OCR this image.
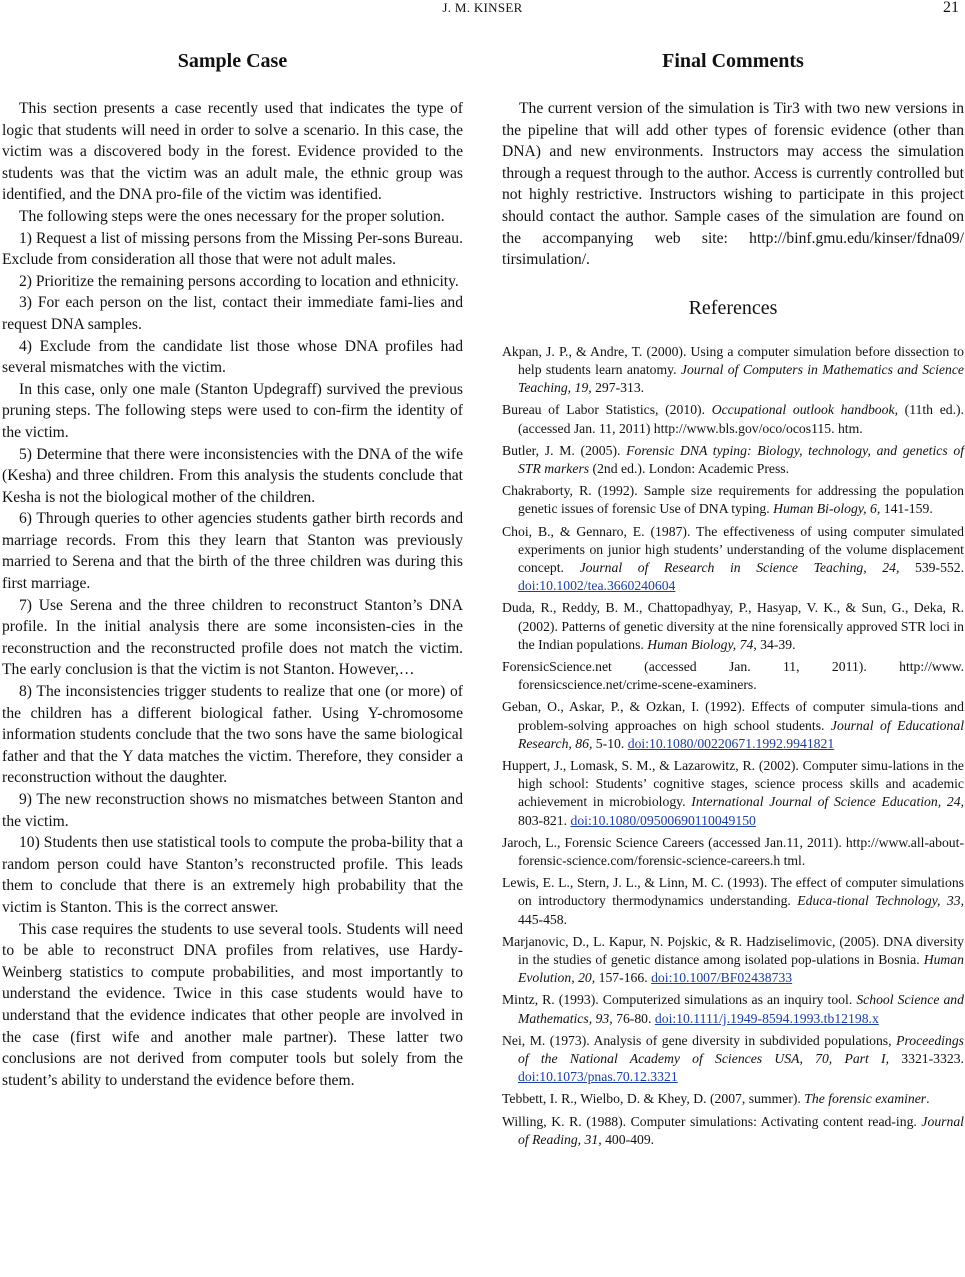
J. M. KINSER	21
Sample Case

This section presents a case recently used that indicates the type of logic that students will need in order to solve a scenario. In this case, the victim was a discovered body in the forest. Evidence provided to the students was that the victim was an adult male, the ethnic group was identified, and the DNA pro-file of the victim was identified.

The following steps were the ones necessary for the proper solution.

1) Request a list of missing persons from the Missing Per-sons Bureau. Exclude from consideration all those that were not adult males.

2) Prioritize the remaining persons according to location and ethnicity.

3) For each person on the list, contact their immediate fami-lies and request DNA samples.

4) Exclude from the candidate list those whose DNA profiles had several mismatches with the victim.

In this case, only one male (Stanton Updegraff) survived the previous pruning steps. The following steps were used to con-firm the identity of the victim.

5) Determine that there were inconsistencies with the DNA of the wife (Kesha) and three children. From this analysis the students conclude that Kesha is not the biological mother of the children.

6) Through queries to other agencies students gather birth records and marriage records. From this they learn that Stanton was previously married to Serena and that the birth of the three children was during this first marriage.

7) Use Serena and the three children to reconstruct Stanton’s DNA profile. In the initial analysis there are some inconsisten-cies in the reconstruction and the reconstructed profile does not match the victim. The early conclusion is that the victim is not Stanton. However,…

8) The inconsistencies trigger students to realize that one (or more) of the children has a different biological father. Using Y-chromosome information students conclude that the two sons have the same biological father and that the Y data matches the victim. Therefore, they consider a reconstruction without the daughter.

9) The new reconstruction shows no mismatches between Stanton and the victim.

10) Students then use statistical tools to compute the proba-bility that a random person could have Stanton’s reconstructed profile. This leads them to conclude that there is an extremely high probability that the victim is Stanton. This is the correct answer.

This case requires the students to use several tools. Students will need to be able to reconstruct DNA profiles from relatives, use Hardy-Weinberg statistics to compute probabilities, and most importantly to understand the evidence. Twice in this case students would have to understand that the evidence indicates that other people are involved in the case (first wife and another male partner). These latter two conclusions are not derived from computer tools but solely from the student’s ability to understand the evidence before them.

Final Comments

The current version of the simulation is Tir3 with two new versions in the pipeline that will add other types of forensic evidence (other than DNA) and new environments. Instructors may access the simulation through a request through to the author. Access is currently controlled but not highly restrictive. Instructors wishing to participate in this project should contact the author. Sample cases of the simulation are found on the accompanying web site: http://binf.gmu.edu/kinser/fdna09/ tirsimulation/.

References

Akpan, J. P., & Andre, T. (2000). Using a computer simulation before dissection to help students learn anatomy. Journal of Computers in Mathematics and Science Teaching, 19, 297-313.

Bureau of Labor Statistics, (2010). Occupational outlook handbook, (11th ed.). (accessed Jan. 11, 2011) http://www.bls.gov/oco/ocos115. htm.

Butler, J. M. (2005). Forensic DNA typing: Biology, technology, and genetics of STR markers (2nd ed.). London: Academic Press.

Chakraborty, R. (1992). Sample size requirements for addressing the population genetic issues of forensic Use of DNA typing. Human Bi-ology, 6, 141-159.

Choi, B., & Gennaro, E. (1987). The effectiveness of using computer simulated experiments on junior high students’ understanding of the volume displacement concept. Journal of Research in Science Teaching, 24, 539-552. doi:10.1002/tea.3660240604

Duda, R., Reddy, B. M., Chattopadhyay, P., Hasyap, V. K., & Sun, G., Deka, R. (2002). Patterns of genetic diversity at the nine forensically approved STR loci in the Indian populations. Human Biology, 74, 34-39.

ForensicScience.net (accessed Jan. 11, 2011). http://www. forensicscience.net/crime-scene-examiners.

Geban, O., Askar, P., & Ozkan, I. (1992). Effects of computer simula-tions and problem-solving approaches on high school students. Journal of Educational Research, 86, 5-10. doi:10.1080/00220671.1992.9941821

Huppert, J., Lomask, S. M., & Lazarowitz, R. (2002). Computer simu-lations in the high school: Students’ cognitive stages, science process skills and academic achievement in microbiology. International Journal of Science Education, 24, 803-821. doi:10.1080/09500690110049150

Jaroch, L., Forensic Science Careers (accessed Jan.11, 2011). http://www.all-about-forensic-science.com/forensic-science-careers.h tml.

Lewis, E. L., Stern, J. L., & Linn, M. C. (1993). The effect of computer simulations on introductory thermodynamics understanding. Educa-tional Technology, 33, 445-458.

Marjanovic, D., L. Kapur, N. Pojskic, & R. Hadziselimovic, (2005). DNA diversity in the studies of genetic distance among isolated pop-ulations in Bosnia. Human Evolution, 20, 157-166. doi:10.1007/BF02438733

Mintz, R. (1993). Computerized simulations as an inquiry tool. School Science and Mathematics, 93, 76-80. doi:10.1111/j.1949-8594.1993.tb12198.x

Nei, M. (1973). Analysis of gene diversity in subdivided populations, Proceedings of the National Academy of Sciences USA, 70, Part I, 3321-3323. doi:10.1073/pnas.70.12.3321

Tebbett, I. R., Wielbo, D. & Khey, D. (2007, summer). The forensic examiner.

Willing, K. R. (1988). Computer simulations: Activating content read-ing. Journal of Reading, 31, 400-409.
